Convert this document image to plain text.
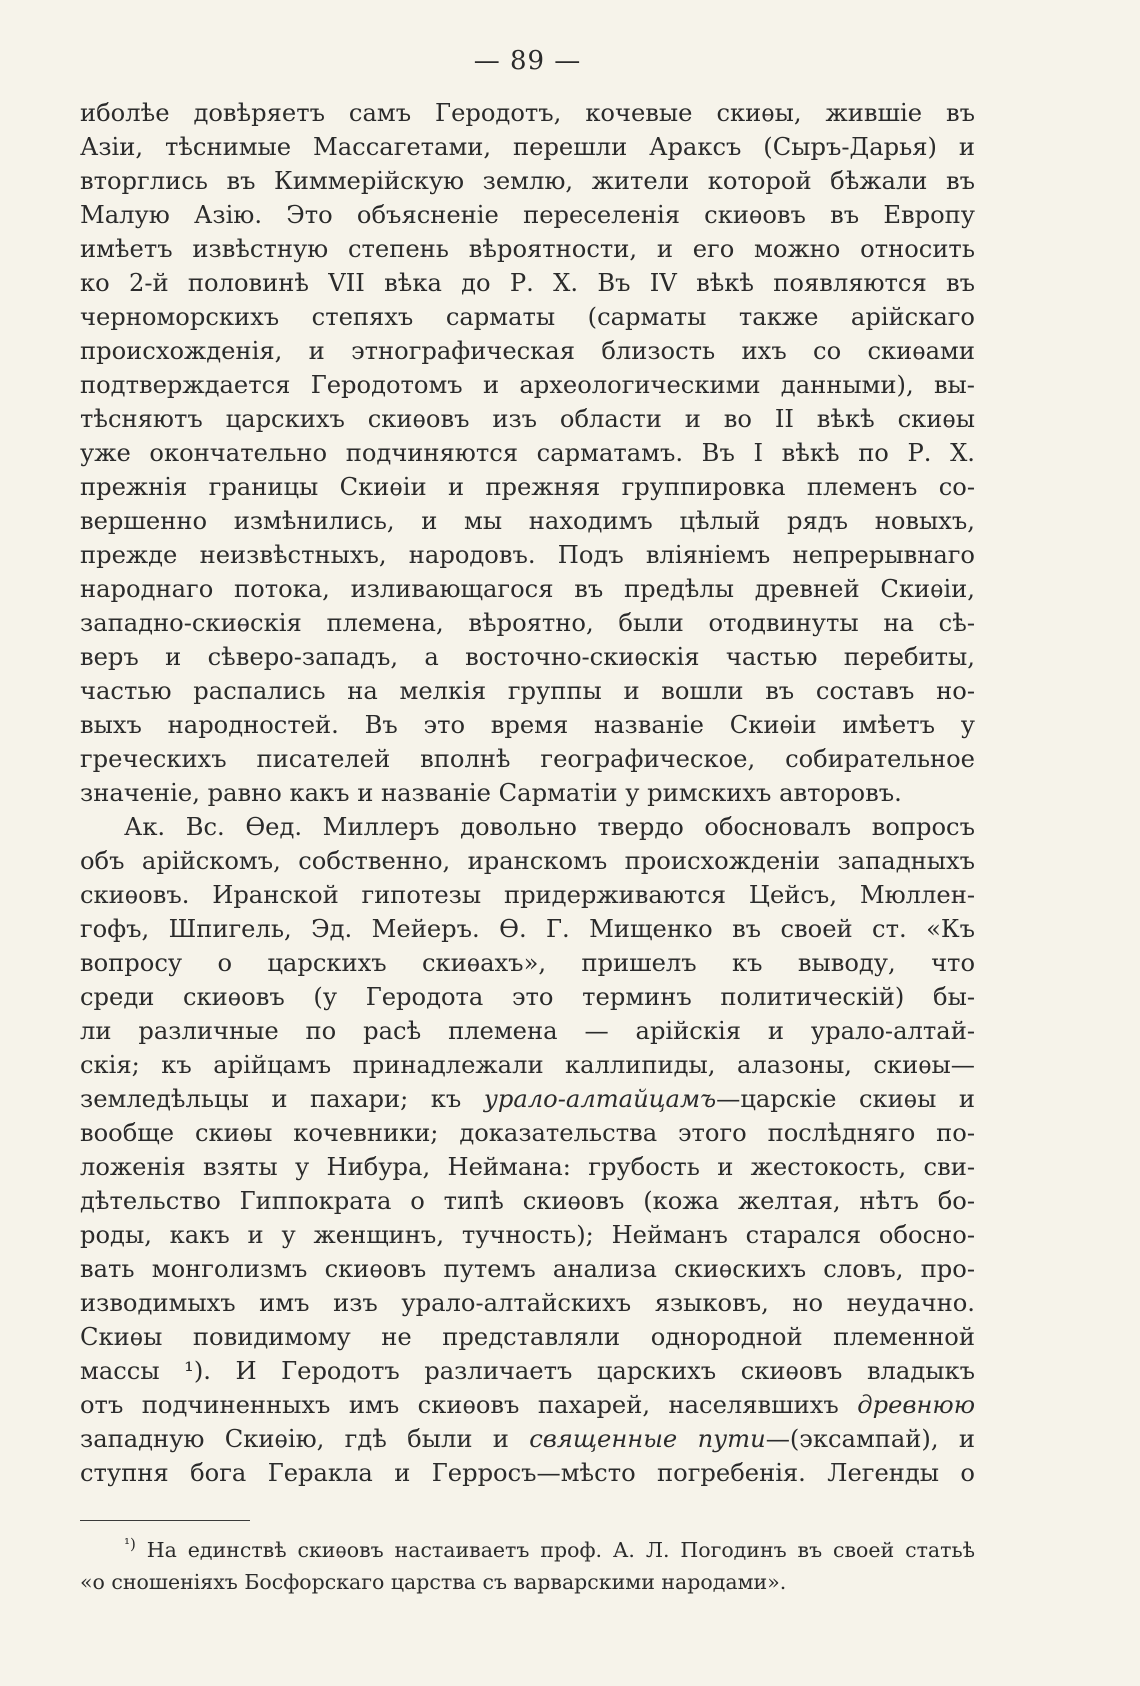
— 89 —
иболѣе довѣряетъ самъ Геродотъ, кочевые скиѳы, жившіе въ
Азіи, тѣснимые Массагетами, перешли Араксъ (Сыръ-Дарья) и
вторглись въ Киммерійскую землю, жители которой бѣжали въ
Малую Азію. Это объясненіе переселенія скиѳовъ въ Европу
имѣетъ извѣстную степень вѣроятности, и его можно относить
ко 2-й половинѣ VII вѣка до Р. Х. Въ IV вѣкѣ появляются въ
черноморскихъ степяхъ сарматы (сарматы также арійскаго
происхожденія, и этнографическая близость ихъ со скиѳами
подтверждается Геродотомъ и археологическими данными), вы-
тѣсняютъ царскихъ скиѳовъ изъ области и во II вѣкѣ скиѳы
уже окончательно подчиняются сарматамъ. Въ I вѣкѣ по Р. Х.
прежнія границы Скиѳіи и прежняя группировка племенъ со-
вершенно измѣнились, и мы находимъ цѣлый рядъ новыхъ,
прежде неизвѣстныхъ, народовъ. Подъ вліяніемъ непрерывнаго
народнаго потока, изливающагося въ предѣлы древней Скиѳіи,
западно-скиѳскія племена, вѣроятно, были отодвинуты на сѣ-
веръ и сѣверо-западъ, а восточно-скиѳскія частью перебиты,
частью распались на мелкія группы и вошли въ составъ но-
выхъ народностей. Въ это время названіе Скиѳіи имѣетъ у
греческихъ писателей вполнѣ географическое, собирательное
значеніе, равно какъ и названіе Сарматіи у римскихъ авторовъ.
Ак. Вс. Ѳед. Миллеръ довольно твердо обосновалъ вопросъ
объ арійскомъ, собственно, иранскомъ происхожденіи западныхъ
скиѳовъ. Иранской гипотезы придерживаются Цейсъ, Мюллен-
гофъ, Шпигель, Эд. Мейеръ. Ѳ. Г. Мищенко въ своей ст. «Къ
вопросу о царскихъ скиѳахъ», пришелъ къ выводу, что
среди скиѳовъ (у Геродота это терминъ политическій) бы-
ли различные по расѣ племена — арійскія и урало-алтай-
скія; къ арійцамъ принадлежали каллипиды, алазоны, скиѳы—
земледѣльцы и пахари; къ урало-алтайцамъ—царскіе скиѳы и
вообще скиѳы кочевники; доказательства этого послѣдняго по-
ложенія взяты у Нибура, Неймана: грубость и жестокость, сви-
дѣтельство Гиппократа о типѣ скиѳовъ (кожа желтая, нѣтъ бо-
роды, какъ и у женщинъ, тучность); Нейманъ старался обосно-
вать монголизмъ скиѳовъ путемъ анализа скиѳскихъ словъ, про-
изводимыхъ имъ изъ урало-алтайскихъ языковъ, но неудачно.
Скиѳы повидимому не представляли однородной племенной
массы ¹). И Геродотъ различаетъ царскихъ скиѳовъ владыкъ
отъ подчиненныхъ имъ скиѳовъ пахарей, населявшихъ древнюю
западную Скиѳію, гдѣ были и священные пути—(эксампай), и
ступня бога Геракла и Герросъ—мѣсто погребенія. Легенды о
$^{^1)}$ На единствѣ скиѳовъ настаиваетъ проф. А. Л. Погодинъ въ своей статьѣ
«о сношеніяхъ Босфорскаго царства съ варварскими народами».
